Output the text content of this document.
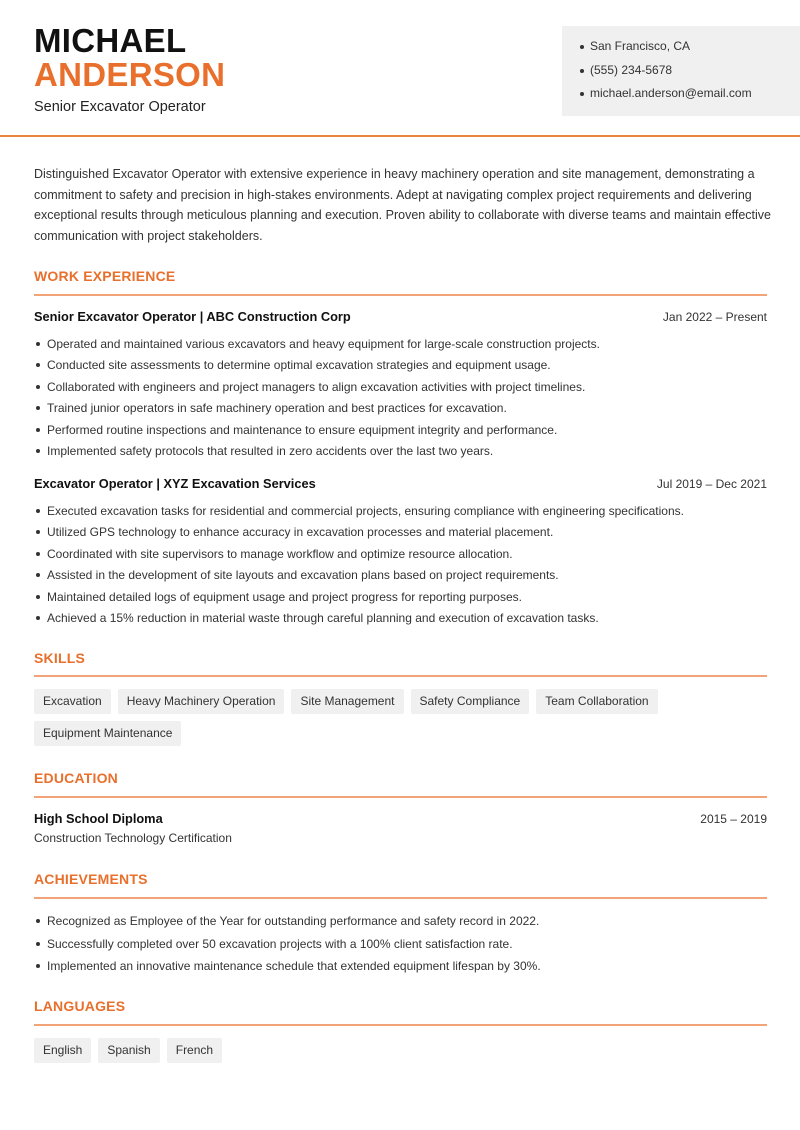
MICHAEL
ANDERSON
Senior Excavator Operator
San Francisco, CA
(555) 234-5678
michael.anderson@email.com

Distinguished Excavator Operator with extensive experience in heavy machinery operation and site management, demonstrating a commitment to safety and precision in high-stakes environments. Adept at navigating complex project requirements and delivering exceptional results through meticulous planning and execution. Proven ability to collaborate with diverse teams and maintain effective communication with project stakeholders.

WORK EXPERIENCE
Senior Excavator Operator | ABC Construction Corp	Jan 2022 – Present
Operated and maintained various excavators and heavy equipment for large-scale construction projects.
Conducted site assessments to determine optimal excavation strategies and equipment usage.
Collaborated with engineers and project managers to align excavation activities with project timelines.
Trained junior operators in safe machinery operation and best practices for excavation.
Performed routine inspections and maintenance to ensure equipment integrity and performance.
Implemented safety protocols that resulted in zero accidents over the last two years.
Excavator Operator | XYZ Excavation Services	Jul 2019 – Dec 2021
Executed excavation tasks for residential and commercial projects, ensuring compliance with engineering specifications.
Utilized GPS technology to enhance accuracy in excavation processes and material placement.
Coordinated with site supervisors to manage workflow and optimize resource allocation.
Assisted in the development of site layouts and excavation plans based on project requirements.
Maintained detailed logs of equipment usage and project progress for reporting purposes.
Achieved a 15% reduction in material waste through careful planning and execution of excavation tasks.
SKILLS
Excavation Heavy Machinery Operation Site Management Safety Compliance Team CollaborationEquipment Maintenance
EDUCATION
High School Diploma	2015 – 2019
Construction Technology Certification
ACHIEVEMENTS
Recognized as Employee of the Year for outstanding performance and safety record in 2022.
Successfully completed over 50 excavation projects with a 100% client satisfaction rate.
Implemented an innovative maintenance schedule that extended equipment lifespan by 30%.
LANGUAGES
English Spanish French
